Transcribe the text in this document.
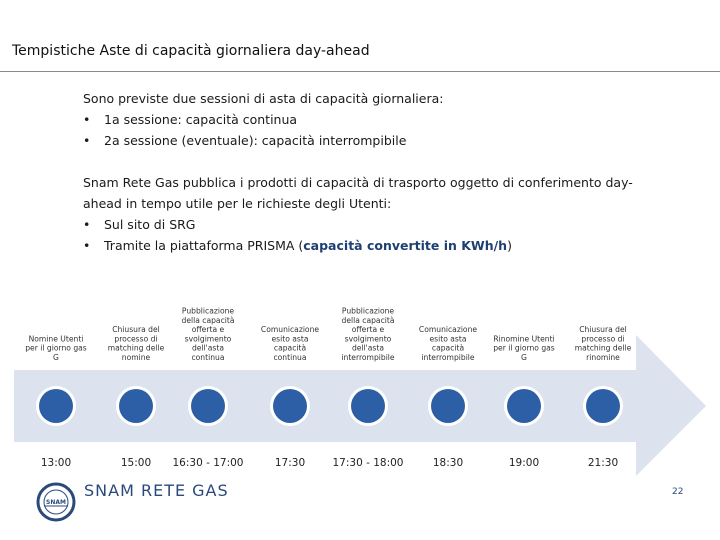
Tempistiche Aste di capacità giornaliera day-ahead

Sono previste due sessioni di asta di capacità giornaliera:

•	1a sessione: capacità continua
•	2a sessione (eventuale): capacità interrompibile

Snam Rete Gas pubblica i prodotti di capacità di trasporto oggetto di conferimento day-

ahead in tempo utile per le richieste degli Utenti:

•	Sul sito di SRG
•	Tramite la piattaforma PRISMA (capacità convertite in KWh/h)
Nomine Utenti
per il giorno gas
G
13:00
Chiusura del
processo di
matching delle
nomine
15:00
Pubblicazione
della capacità
offerta e
svolgimento
dell'asta
continua
16:30 - 17:00
Comunicazione
esito asta
capacità
continua
17:30
Pubblicazione
della capacità
offerta e
svolgimento
dell'asta
interrompibile
17:30 - 18:00
Comunicazione
esito asta
capacità
interrompibile
18:30
Rinomine Utenti
per il giorno gas
G
19:00
Chiusura del
processo di
matching delle
rinomine
21:30
SNAM
SNAM RETE GAS	22
